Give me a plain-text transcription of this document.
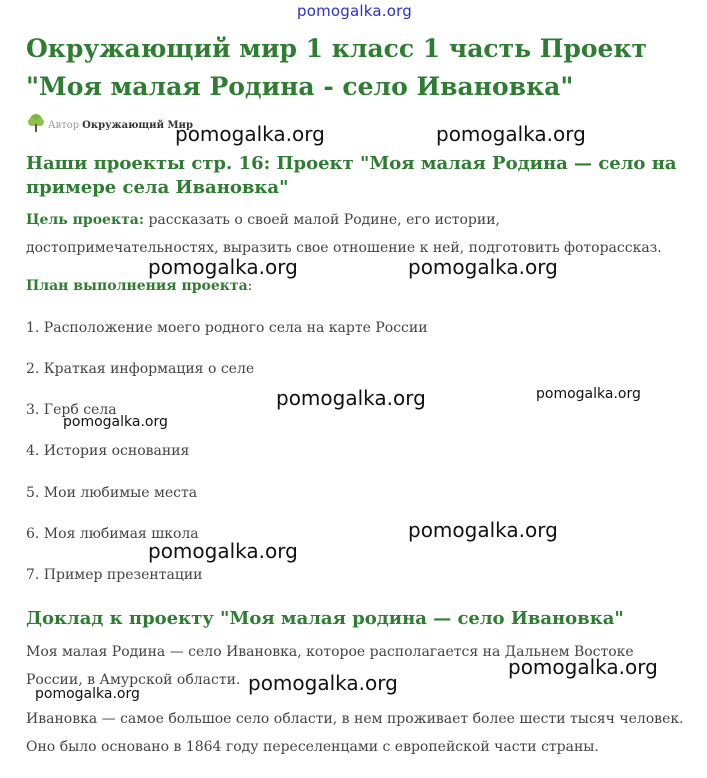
pomogalka.org
Окружающий мир 1 класс 1 часть Проект "Моя малая Родина - село Ивановка"
Автор Окружающий Мир
Наши проекты стр. 16: Проект "Моя малая Родина — село на примере села Ивановка"

Цель проекта: рассказать о своей малой Родине, его истории, достопримечательностях, выразить свое отношение к ней, подготовить фоторассказ.

План выполнения проекта:
1. Расположение моего родного села на карте России
2. Краткая информация о селе
3. Герб села
4. История основания
5. Мои любимые места
6. Моя любимая школа
7. Пример презентации
Доклад к проекту "Моя малая родина — село Ивановка"

Моя малая Родина — село Ивановка, которое располагается на Дальнем Востоке России, в Амурской области.

Ивановка — самое большое село области, в нем проживает более шести тысяч человек. Оно было основано в 1864 году переселенцами с европейской части страны.

pomogalka.org	pomogalka.org
pomogalka.org	pomogalka.org
pomogalka.org	pomogalka.org
pomogalka.org
pomogalka.org
pomogalka.org
pomogalka.org
pomogalka.org
pomogalka.org
